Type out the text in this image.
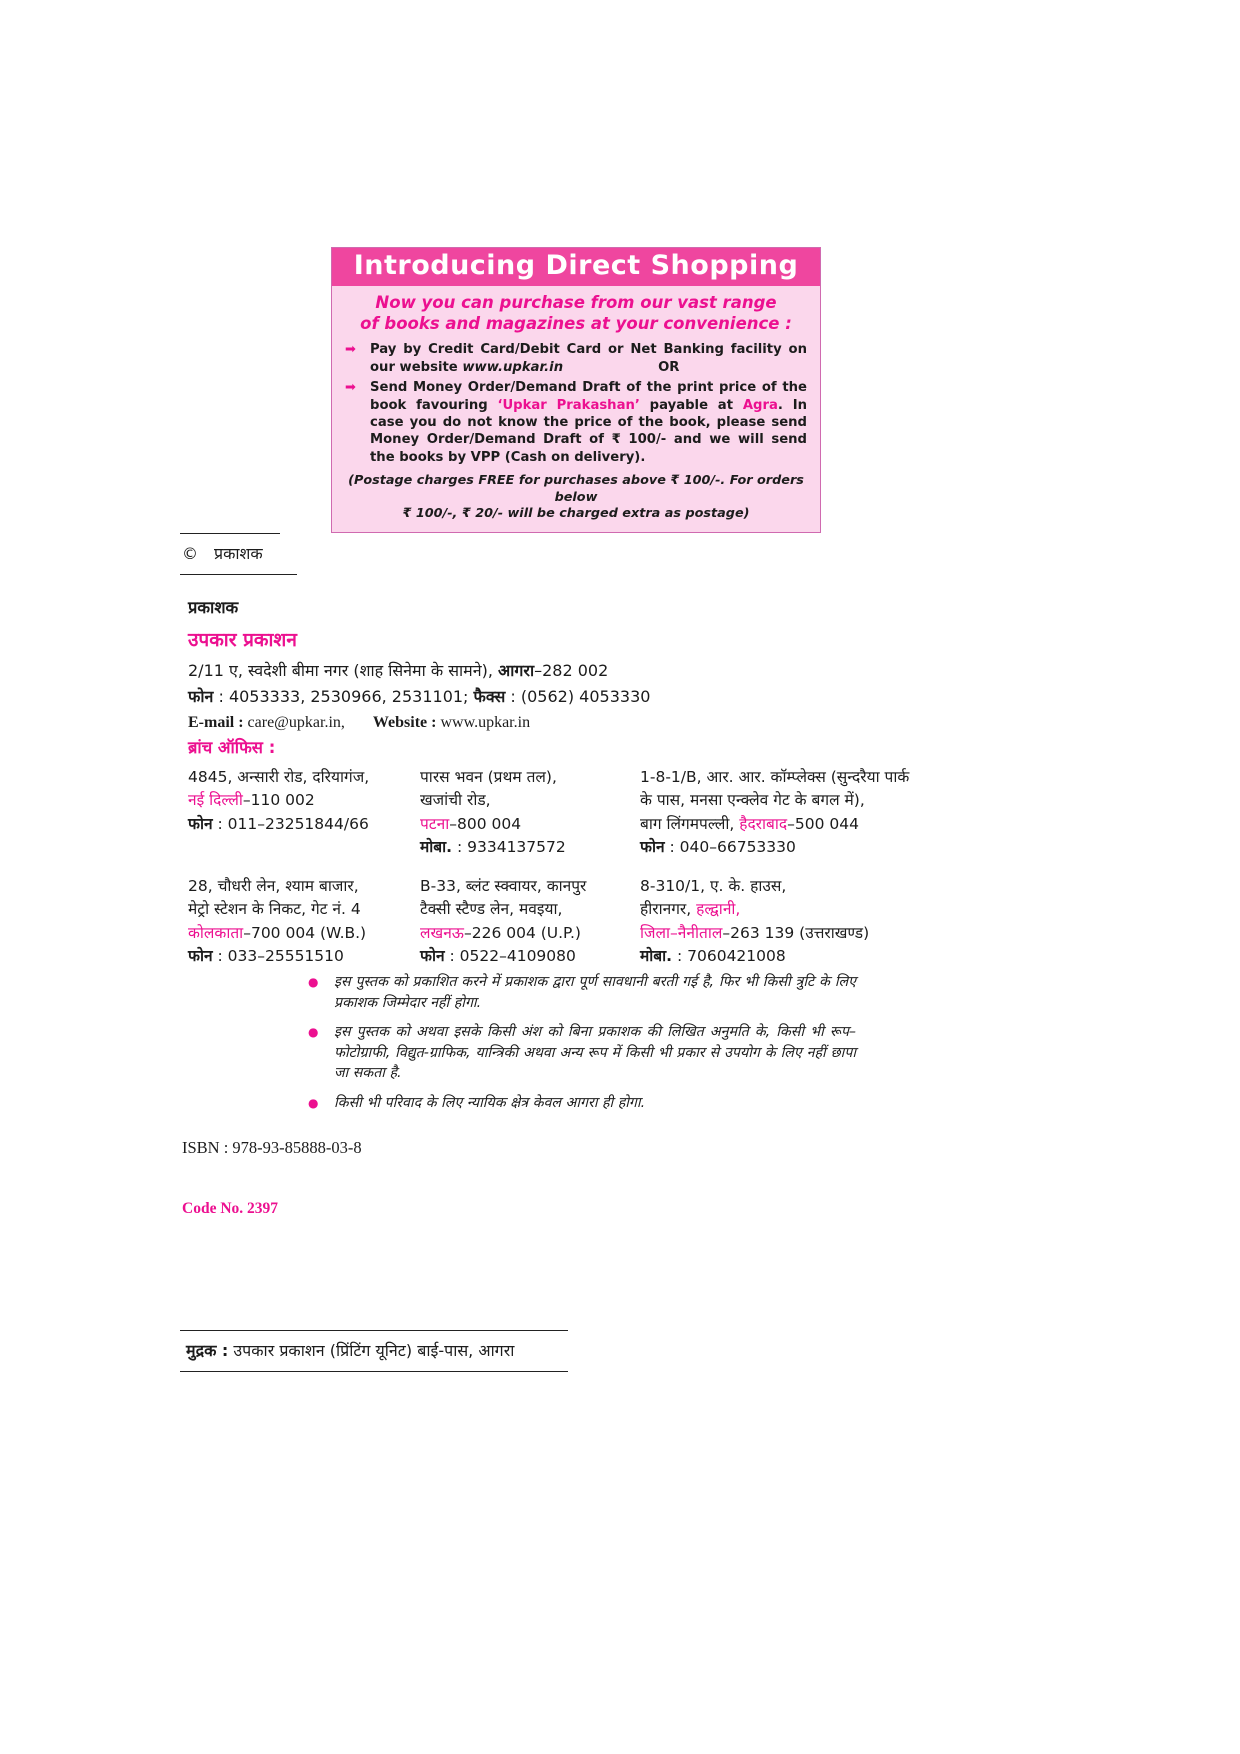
Introducing Direct Shopping
Now you can purchase from our vast range
of books and magazines at your convenience :
➡	Pay by Credit Card/Debit Card or Net Banking facility on our website www.upkar.in	OR
➡	Send Money Order/Demand Draft of the print price of the book favouring ‘Upkar Prakashan’ payable at Agra. In case you do not know the price of the book, please send Money Order/Demand Draft of ₹ 100/- and we will send the books by VPP (Cash on delivery).
(Postage charges FREE for purchases above ₹ 100/-. For orders below
₹ 100/-, ₹ 20/- will be charged extra as postage)
© प्रकाशक
प्रकाशक
उपकार प्रकाशन
2/11 ए, स्वदेशी बीमा नगर (शाह सिनेमा के सामने), आगरा–282 002
फोन : 4053333, 2530966, 2531101; फैक्स : (0562) 4053330
E-mail : care@upkar.in, Website : www.upkar.in
ब्रांच ऑफिस :
4845, अन्सारी रोड, दरियागंज,
नई दिल्ली–110 002
फोन : 011–23251844/66
पारस भवन (प्रथम तल),
खजांची रोड,
पटना–800 004
मोबा. : 9334137572
1-8-1/B, आर. आर. कॉम्प्लेक्स (सुन्दरैया पार्क
के पास, मनसा एन्क्लेव गेट के बगल में),
बाग लिंगमपल्ली, हैदराबाद–500 044
फोन : 040–66753330
28, चौधरी लेन, श्याम बाजार,
मेट्रो स्टेशन के निकट, गेट नं. 4
कोलकाता–700 004 (W.B.)
फोन : 033–25551510
B-33, ब्लंट स्क्वायर, कानपुर
टैक्सी स्टैण्ड लेन, मवइया,
लखनऊ–226 004 (U.P.)
फोन : 0522–4109080
8-310/1, ए. के. हाउस,
हीरानगर, हल्द्वानी,
जिला–नैनीताल–263 139 (उत्तराखण्ड)
मोबा. : 7060421008
● इस पुस्तक को प्रकाशित करने में प्रकाशक द्वारा पूर्ण सावधानी बरती गई है, फिर भी किसी त्रुटि के लिए प्रकाशक जिम्मेदार नहीं होगा.
● इस पुस्तक को अथवा इसके किसी अंश को बिना प्रकाशक की लिखित अनुमति के, किसी भी रूप–फोटोग्राफी, विद्युत-ग्राफिक, यान्त्रिकी अथवा अन्य रूप में किसी भी प्रकार से उपयोग के लिए नहीं छापा जा सकता है.
● किसी भी परिवाद के लिए न्यायिक क्षेत्र केवल आगरा ही होगा.
ISBN : 978-93-85888-03-8
Code No. 2397
मुद्रक : उपकार प्रकाशन (प्रिंटिंग यूनिट) बाई-पास, आगरा
